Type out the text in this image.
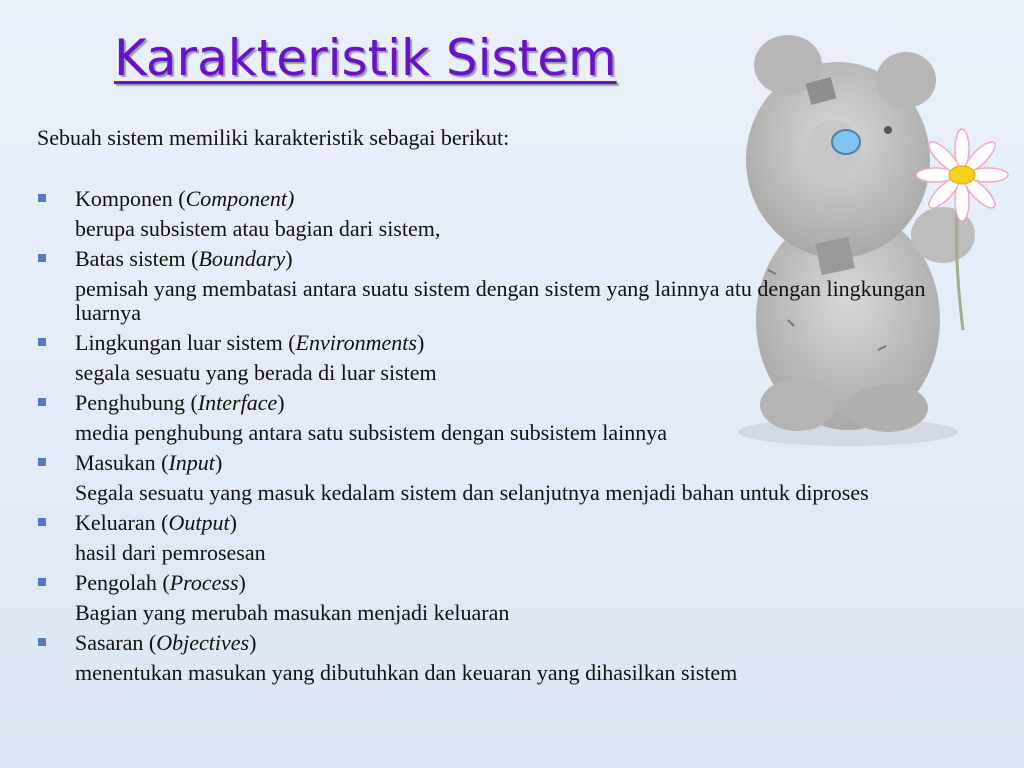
Karakteristik Sistem

Sebuah sistem memiliki karakteristik sebagai berikut:

Komponen (Component)
berupa subsistem atau bagian dari sistem,
Batas sistem (Boundary)
pemisah yang membatasi antara suatu sistem dengan sistem yang lainnya atu dengan lingkungan luarnya
Lingkungan luar sistem (Environments)
segala sesuatu yang berada di luar sistem
Penghubung (Interface)
media penghubung antara satu subsistem dengan subsistem lainnya
Masukan (Input)
Segala sesuatu yang masuk kedalam sistem dan selanjutnya menjadi bahan untuk diproses
Keluaran (Output)
hasil dari pemrosesan
Pengolah (Process)
Bagian yang merubah masukan menjadi keluaran
Sasaran (Objectives)
menentukan masukan yang dibutuhkan dan keuaran yang dihasilkan sistem
